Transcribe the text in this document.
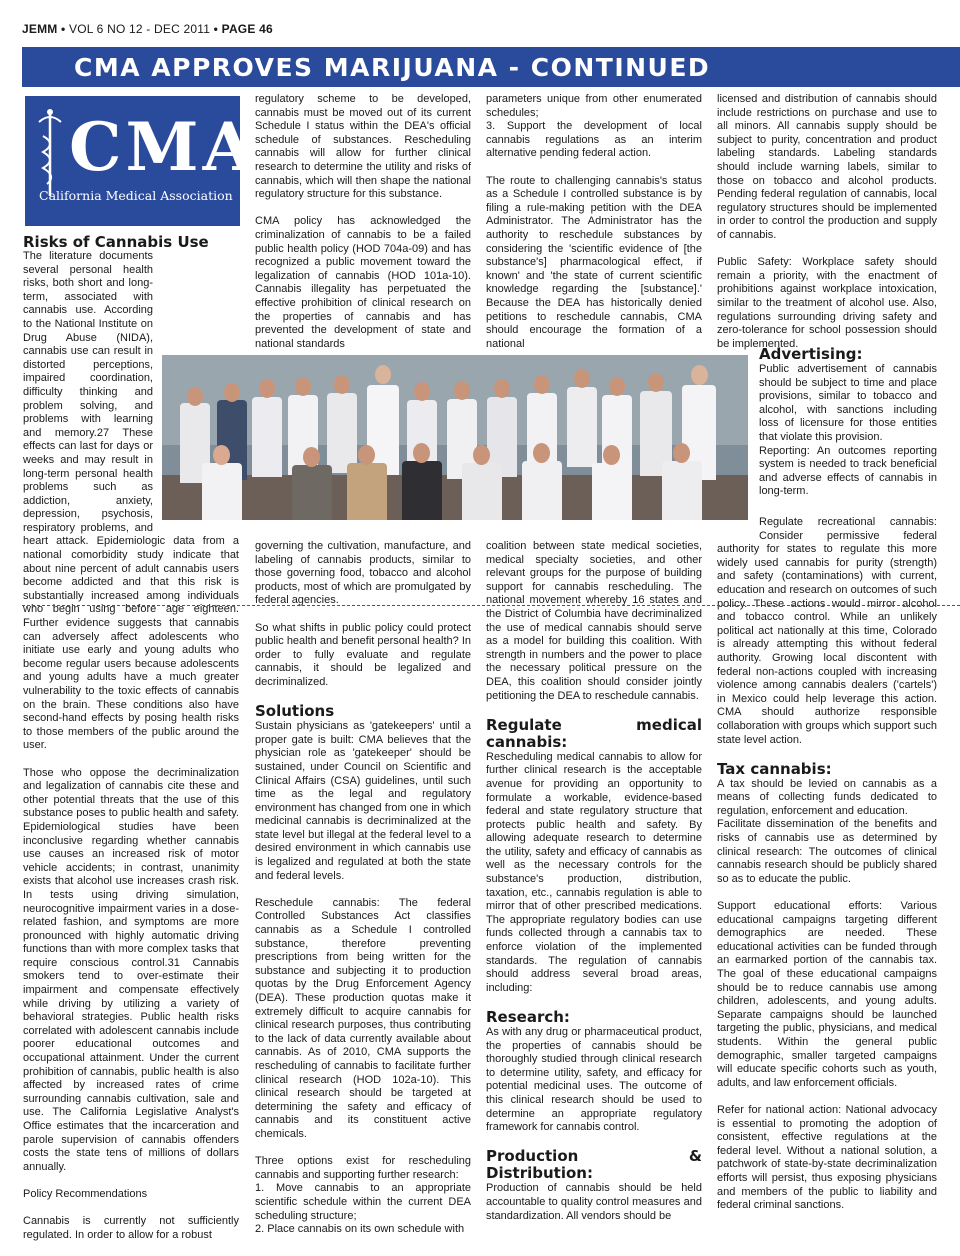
JEMM • VOL 6 NO 12 - DEC 2011 • PAGE 46
CMA APPROVES MARIJUANA - CONTINUED
CMA
California Medical Association
Risks of Cannabis Use

The literature documents several personal health risks, both short and long-term, associated with cannabis use. According to the National Institute on Drug Abuse (NIDA), cannabis use can result in distorted perceptions, impaired coordination, difficulty thinking and problem solving, and problems with learning and memory.27 These effects can last for days or weeks and may result in long-term personal health problems such as addiction, anxiety, depression, psychosis, respiratory problems, and heart attack. Epidemiologic data from a national comorbidity study indicate that about nine percent of adult cannabis users become addicted and that this risk is substantially increased among individuals who begin using before age eighteen. Further evidence suggests that cannabis can adversely affect adolescents who initiate use early and young adults who become regular users because adolescents and young adults have a much greater vulnerability to the toxic effects of cannabis on the brain. These conditions also have second-hand effects by posing health risks to those members of the public around the user.

Those who oppose the decriminalization and legalization of cannabis cite these and other potential threats that the use of this substance poses to public health and safety. Epidemiological studies have been inconclusive regarding whether cannabis use causes an increased risk of motor vehicle accidents; in contrast, unanimity exists that alcohol use increases crash risk. In tests using driving simulation, neurocognitive impairment varies in a dose-related fashion, and symptoms are more pronounced with highly automatic driving functions than with more complex tasks that require conscious control.31 Cannabis smokers tend to over-estimate their impairment and compensate effectively while driving by utilizing a variety of behavioral strategies. Public health risks correlated with adolescent cannabis include poorer educational outcomes and occupational attainment. Under the current prohibition of cannabis, public health is also affected by increased rates of crime surrounding cannabis cultivation, sale and use. The California Legislative Analyst's Office estimates that the incarceration and parole supervision of cannabis offenders costs the state tens of millions of dollars annually.

Policy Recommendations

Cannabis is currently not sufficiently regulated. In order to allow for a robust

regulatory scheme to be developed, cannabis must be moved out of its current Schedule I status within the DEA's official schedule of substances. Rescheduling cannabis will allow for further clinical research to determine the utility and risks of cannabis, which will then shape the national regulatory structure for this substance.

CMA policy has acknowledged the criminalization of cannabis to be a failed public health policy (HOD 704a-09) and has recognized a public movement toward the legalization of cannabis (HOD 101a-10). Cannabis illegality has perpetuated the effective prohibition of clinical research on the properties of cannabis and has prevented the development of state and national standards

governing the cultivation, manufacture, and labeling of cannabis products, similar to those governing food, tobacco and alcohol products, most of which are promulgated by federal agencies.

So what shifts in public policy could protect public health and benefit personal health? In order to fully evaluate and regulate cannabis, it should be legalized and decriminalized.

Solutions

Sustain physicians as 'gatekeepers' until a proper gate is built: CMA believes that the physician role as 'gatekeeper' should be sustained, under Council on Scientific and Clinical Affairs (CSA) guidelines, until such time as the legal and regulatory environment has changed from one in which medicinal cannabis is decriminalized at the state level but illegal at the federal level to a desired environment in which cannabis use is legalized and regulated at both the state and federal levels.

Reschedule cannabis: The federal Controlled Substances Act classifies cannabis as a Schedule I controlled substance, therefore preventing prescriptions from being written for the substance and subjecting it to production quotas by the Drug Enforcement Agency (DEA). These production quotas make it extremely difficult to acquire cannabis for clinical research purposes, thus contributing to the lack of data currently available about cannabis. As of 2010, CMA supports the rescheduling of cannabis to facilitate further clinical research (HOD 102a-10). This clinical research should be targeted at determining the safety and efficacy of cannabis and its constituent active chemicals.

Three options exist for rescheduling cannabis and supporting further research:

1. Move cannabis to an appropriate scientific schedule within the current DEA scheduling structure;

2. Place cannabis on its own schedule with

parameters unique from other enumerated schedules;

3. Support the development of local cannabis regulations as an interim alternative pending federal action.

The route to challenging cannabis's status as a Schedule I controlled substance is by filing a rule-making petition with the DEA Administrator. The Administrator has the authority to reschedule substances by considering the 'scientific evidence of [the substance's] pharmacological effect, if known' and 'the state of current scientific knowledge regarding the [substance].' Because the DEA has historically denied petitions to reschedule cannabis, CMA should encourage the formation of a national

coalition between state medical societies, medical specialty societies, and other relevant groups for the purpose of building support for cannabis rescheduling. The national movement whereby 16 states and the District of Columbia have decriminalized the use of medical cannabis should serve as a model for building this coalition. With strength in numbers and the power to place the necessary political pressure on the DEA, this coalition should consider jointly petitioning the DEA to reschedule cannabis.

Regulate medical cannabis:

Rescheduling medical cannabis to allow for further clinical research is the acceptable avenue for providing an opportunity to formulate a workable, evidence-based federal and state regulatory structure that protects public health and safety. By allowing adequate research to determine the utility, safety and efficacy of cannabis as well as the necessary controls for the substance's production, distribution, taxation, etc., cannabis regulation is able to mirror that of other prescribed medications. The appropriate regulatory bodies can use funds collected through a cannabis tax to enforce violation of the implemented standards. The regulation of cannabis should address several broad areas, including:

Research:

As with any drug or pharmaceutical product, the properties of cannabis should be thoroughly studied through clinical research to determine utility, safety, and efficacy for potential medicinal uses. The outcome of this clinical research should be used to determine an appropriate regulatory framework for cannabis control.

Production & Distribution:

Production of cannabis should be held accountable to quality control measures and standardization. All vendors should be

licensed and distribution of cannabis should include restrictions on purchase and use to all minors. All cannabis supply should be subject to purity, concentration and product labeling standards. Labeling standards should include warning labels, similar to those on tobacco and alcohol products. Pending federal regulation of cannabis, local regulatory structures should be implemented in order to control the production and supply of cannabis.

Public Safety: Workplace safety should remain a priority, with the enactment of prohibitions against workplace intoxication, similar to the treatment of alcohol use. Also, regulations surrounding driving safety and zero-tolerance for school possession should be implemented.

Advertising:

Public advertisement of cannabis should be subject to time and place provisions, similar to tobacco and alcohol, with sanctions including loss of licensure for those entities that violate this provision.

Reporting: An outcomes reporting system is needed to track beneficial and adverse effects of cannabis in long-term.

Regulate recreational cannabis: Consider permissive federal authority for states to regulate this more widely used cannabis for purity (strength) and safety (contaminations) with current, education and research on outcomes of such policy. These actions would mirror alcohol and tobacco control. While an unlikely political act nationally at this time, Colorado is already attempting this without federal authority. Growing local discontent with federal non-actions coupled with increasing violence among cannabis dealers ('cartels') in Mexico could help leverage this action. CMA should authorize responsible collaboration with groups which support such state level action.

Tax cannabis:

A tax should be levied on cannabis as a means of collecting funds dedicated to regulation, enforcement and education.

Facilitate dissemination of the benefits and risks of cannabis use as determined by clinical research: The outcomes of clinical cannabis research should be publicly shared so as to educate the public.

Support educational efforts: Various educational campaigns targeting different demographics are needed. These educational activities can be funded through an earmarked portion of the cannabis tax. The goal of these educational campaigns should be to reduce cannabis use among children, adolescents, and young adults. Separate campaigns should be launched targeting the public, physicians, and medical students. Within the general public demographic, smaller targeted campaigns will educate specific cohorts such as youth, adults, and law enforcement officials.

Refer for national action: National advocacy is essential to promoting the adoption of consistent, effective regulations at the federal level. Without a national solution, a patchwork of state-by-state decriminalization efforts will persist, thus exposing physicians and members of the public to liability and federal criminal sanctions.
